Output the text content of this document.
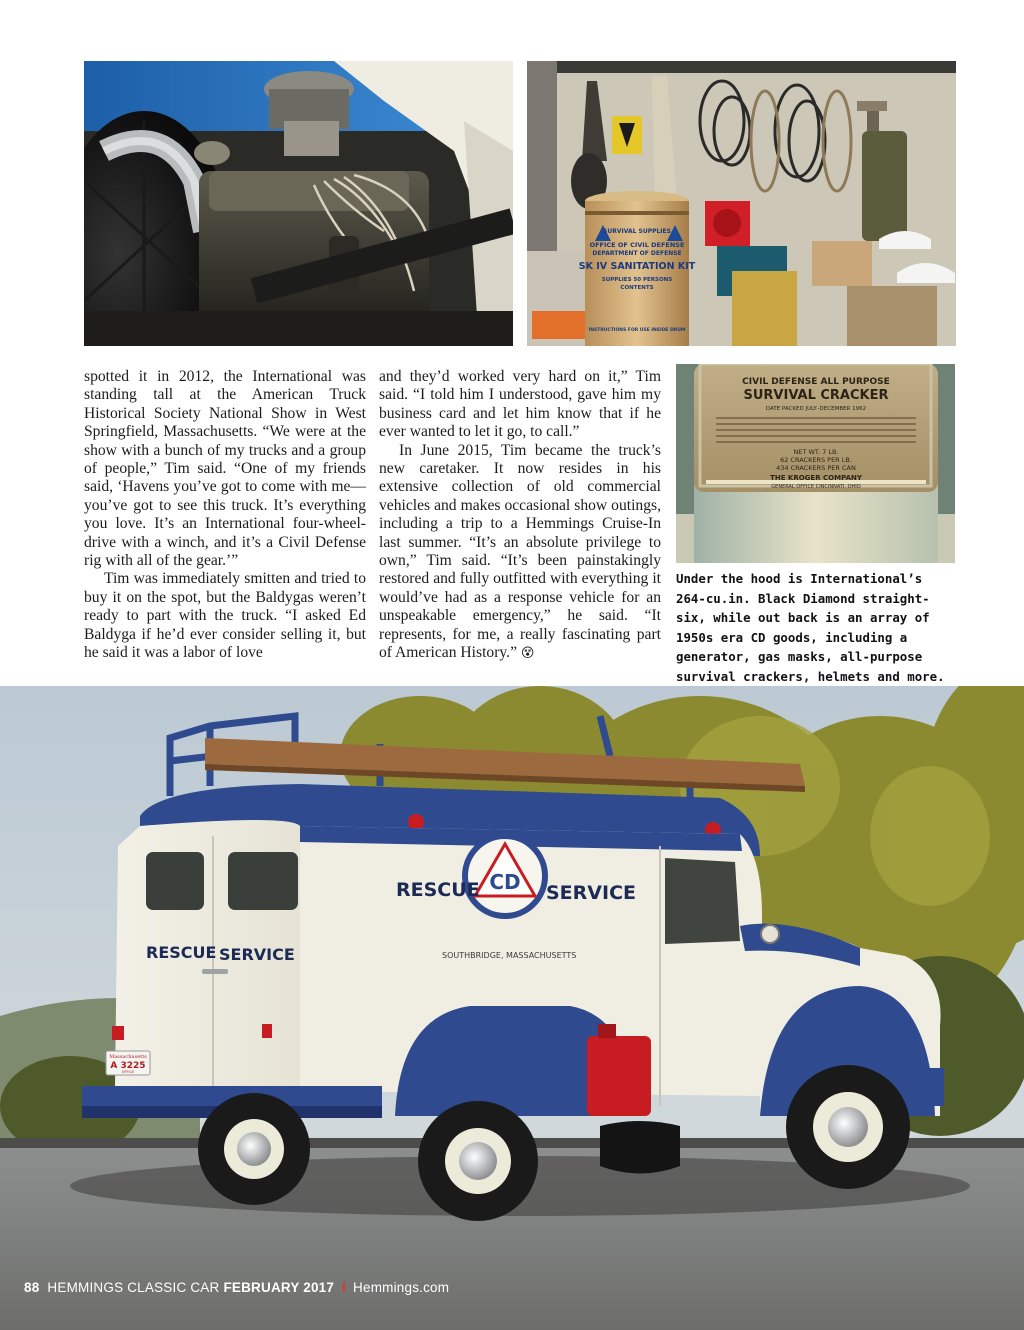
SURVIVAL SUPPLIES
OFFICE OF CIVIL DEFENSE
DEPARTMENT OF DEFENSE
SK IV SANITATION KIT
SUPPLIES 50 PERSONS
CONTENTS
INSTRUCTIONS FOR USE INSIDE DRUM
CIVIL DEFENSE ALL PURPOSE
SURVIVAL CRACKER
DATE PACKED JULY–DECEMBER 1962
NET WT. 7 LB.
62 CRACKERS PER LB.
434 CRACKERS PER CAN
THE KROGER COMPANY
GENERAL OFFICE CINCINNATI, OHIO

spotted it in 2012, the International was standing tall at the American Truck Historical Society National Show in West Springfield, Massachusetts. “We were at the show with a bunch of my trucks and a group of people,” Tim said. “One of my friends said, ‘Havens you’ve got to come with me—you’ve got to see this truck. It’s everything you love. It’s an International four-wheel-drive with a winch, and it’s a Civil Defense rig with all of the gear.’”

Tim was immediately smitten and tried to buy it on the spot, but the Baldygas weren’t ready to part with the truck. “I asked Ed Baldyga if he’d ever consider selling it, but he said it was a labor of love

and they’d worked very hard on it,” Tim said. “I told him I understood, gave him my business card and let him know that if he ever wanted to let it go, to call.”

In June 2015, Tim became the truck’s new caretaker. It now resides in his extensive collection of old commercial vehicles and makes occasional show outings, including a trip to a Hemmings Cruise-In last summer. “It’s an absolute privilege to own,” Tim said. “It’s been painstakingly restored and fully outfitted with everything it would’ve had as a response vehicle for an unspeakable emergency,” he said. “It represents, for me, a really fascinating part of American History.” 😵

Under the hood is International’s 264-cu.in. Black Diamond straight-six, while out back is an array of 1950s era CD goods, including a generator, gas masks, all-purpose survival crackers, helmets and more.
CD
RESCUE	SERVICE
SOUTHBRIDGE, MASSACHUSETTS
RESCUE SERVICE
Massachusetts
A 3225
OFFICE
88 HEMMINGS CLASSIC CAR FEBRUARY 2017 I Hemmings.com
